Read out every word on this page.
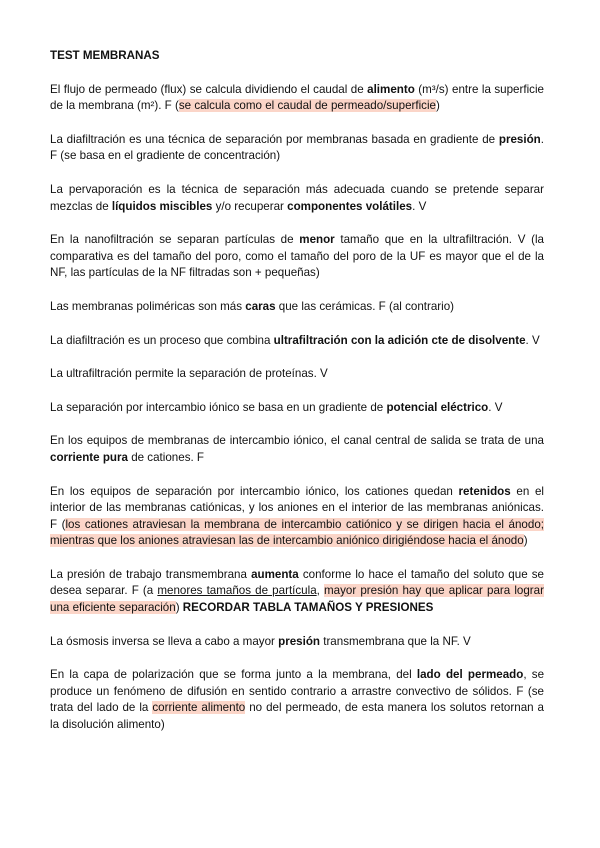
TEST MEMBRANAS

El flujo de permeado (flux) se calcula dividiendo el caudal de alimento (m³/s) entre la superficie de la membrana (m²). F (se calcula como el caudal de permeado/superficie)

La diafiltración es una técnica de separación por membranas basada en gradiente de presión. F (se basa en el gradiente de concentración)

La pervaporación es la técnica de separación más adecuada cuando se pretende separar mezclas de líquidos miscibles y/o recuperar componentes volátiles. V

En la nanofiltración se separan partículas de menor tamaño que en la ultrafiltración. V (la comparativa es del tamaño del poro, como el tamaño del poro de la UF es mayor que el de la NF, las partículas de la NF filtradas son + pequeñas)

Las membranas poliméricas son más caras que las cerámicas. F (al contrario)

La diafiltración es un proceso que combina ultrafiltración con la adición cte de disolvente. V

La ultrafiltración permite la separación de proteínas. V

La separación por intercambio iónico se basa en un gradiente de potencial eléctrico. V

En los equipos de membranas de intercambio iónico, el canal central de salida se trata de una corriente pura de cationes. F

En los equipos de separación por intercambio iónico, los cationes quedan retenidos en el interior de las membranas catiónicas, y los aniones en el interior de las membranas aniónicas. F (los cationes atraviesan la membrana de intercambio catiónico y se dirigen hacia el ánodo; mientras que los aniones atraviesan las de intercambio aniónico dirigiéndose hacia el ánodo)

La presión de trabajo transmembrana aumenta conforme lo hace el tamaño del soluto que se desea separar. F (a menores tamaños de partícula, mayor presión hay que aplicar para lograr una eficiente separación) RECORDAR TABLA TAMAÑOS Y PRESIONES

La ósmosis inversa se lleva a cabo a mayor presión transmembrana que la NF. V

En la capa de polarización que se forma junto a la membrana, del lado del permeado, se produce un fenómeno de difusión en sentido contrario a arrastre convectivo de sólidos. F (se trata del lado de la corriente alimento no del permeado, de esta manera los solutos retornan a la disolución alimento)
